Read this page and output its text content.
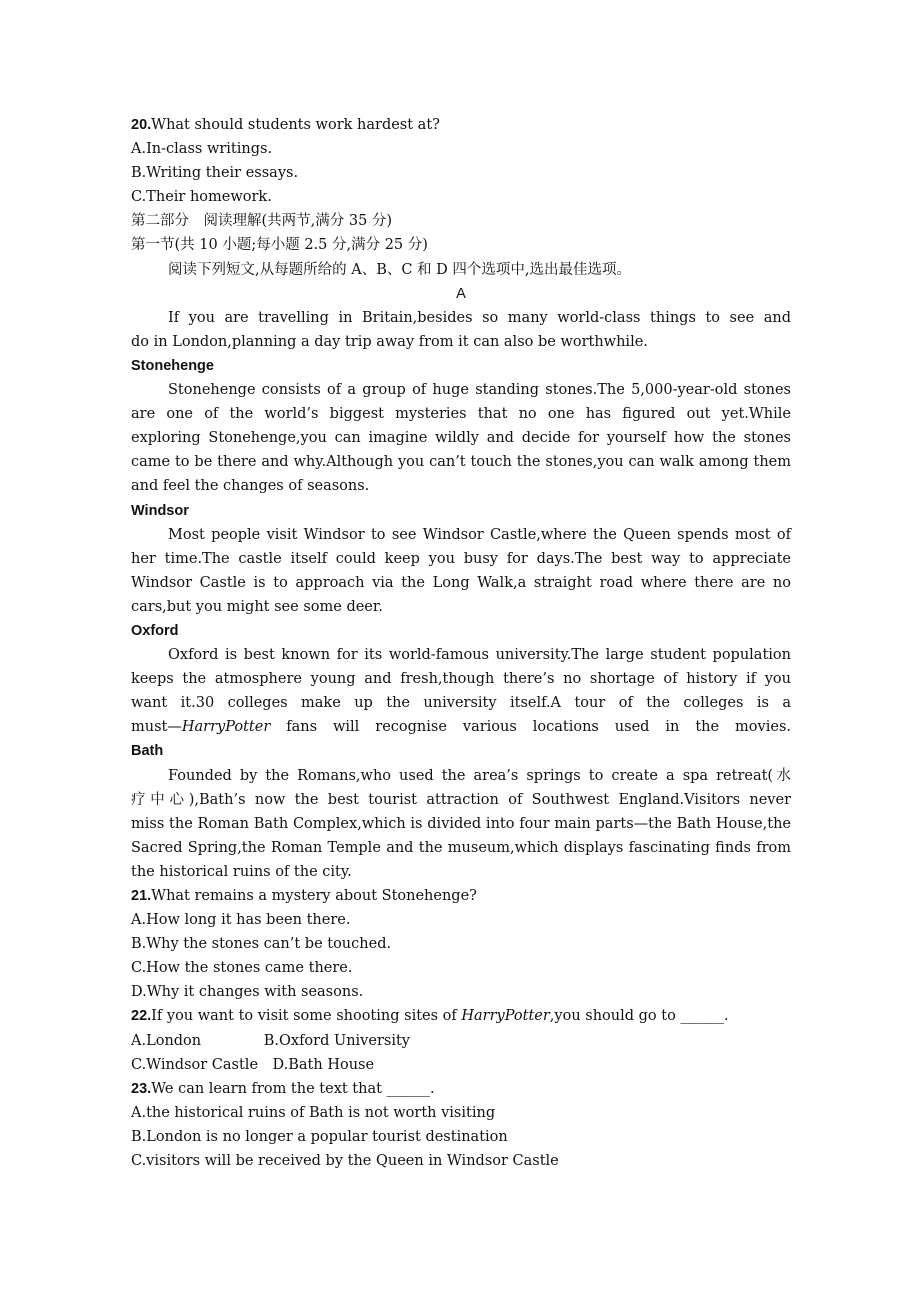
20.What should students work hardest at?
A.In-class writings.
B.Writing their essays.
C.Their homework.
第二部分　阅读理解(共两节,满分 35 分)
第一节(共 10 小题;每小题 2.5 分,满分 25 分)
阅读下列短文,从每题所给的 A、B、C 和 D 四个选项中,选出最佳选项。
A
If you are travelling in Britain,besides so many world-class things to see and
do in London,planning a day trip away from it can also be worthwhile.
Stonehenge
Stonehenge consists of a group of huge standing stones.The 5,000-year-old stones
are one of the world’s biggest mysteries that no one has figured out yet.While
exploring Stonehenge,you can imagine wildly and decide for yourself how the stones
came to be there and why.Although you can’t touch the stones,you can walk among them
and feel the changes of seasons.
Windsor
Most people visit Windsor to see Windsor Castle,where the Queen spends most of
her time.The castle itself could keep you busy for days.The best way to appreciate
Windsor Castle is to approach via the Long Walk,a straight road where there are no
cars,but you might see some deer.
Oxford
Oxford is best known for its world-famous university.The large student population
keeps the atmosphere young and fresh,though there’s no shortage of history if you
want it.30 colleges make up the university itself.A tour of the colleges is a
must—HarryPotter fans will recognise various locations used in the movies.
Bath
Founded by the Romans,who used the area’s springs to create a spa retreat(水
疗中心),Bath’s now the best tourist attraction of Southwest England.Visitors never
miss the Roman Bath Complex,which is divided into four main parts—the Bath House,the
Sacred Spring,the Roman Temple and the museum,which displays fascinating finds from
the historical ruins of the city.
21.What remains a mystery about Stonehenge?
A.How long it has been there.
B.Why the stones can’t be touched.
C.How the stones came there.
D.Why it changes with seasons.
22.If you want to visit some shooting sites of HarryPotter,you should go to ______.
A.London　　　　 B.Oxford University
C.Windsor Castle　D.Bath House
23.We can learn from the text that ______.
A.the historical ruins of Bath is not worth visiting
B.London is no longer a popular tourist destination
C.visitors will be received by the Queen in Windsor Castle
